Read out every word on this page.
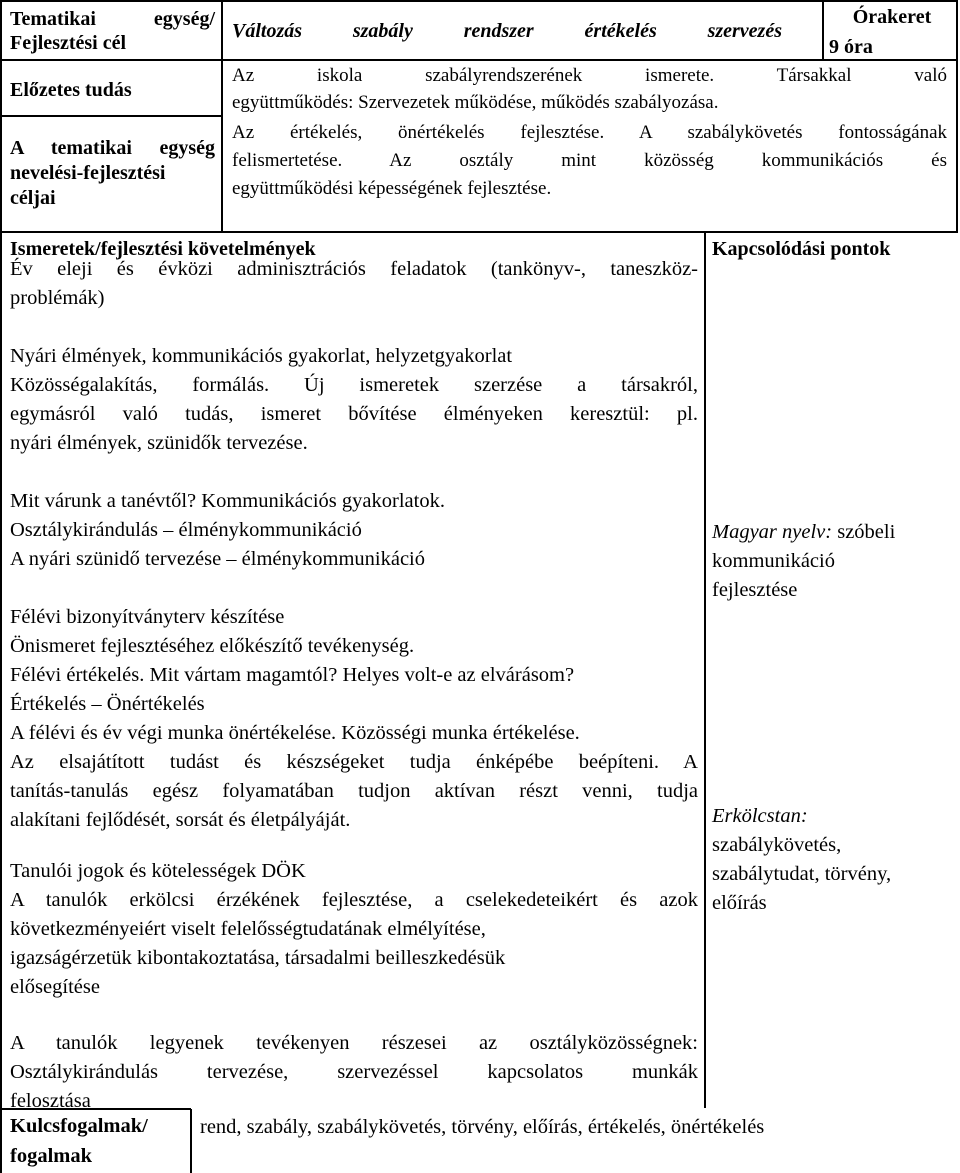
Tematikai egység/
Fejlesztési cél
Változás szabály rendszer értékelés szervezés
Órakeret
9 óra
Előzetes tudás
Az iskola szabályrendszerének ismerete. Társakkal való
együttműködés: Szervezetek működése, működés szabályozása.
A tematikai egység
nevelési-fejlesztési
céljai
Az értékelés, önértékelés fejlesztése. A szabálykövetés fontosságának
felismertetése. Az osztály mint közösség kommunikációs és
együttműködési képességének fejlesztése.
Ismeretek/fejlesztési követelmények	Kapcsolódási pontok
Év eleji és évközi adminisztrációs feladatok (tankönyv-, taneszköz-
problémák)
Nyári élmények, kommunikációs gyakorlat, helyzetgyakorlat
Közösségalakítás, formálás. Új ismeretek szerzése a társakról,
egymásról való tudás, ismeret bővítése élményeken keresztül: pl.
nyári élmények, szünidők tervezése.
Mit várunk a tanévtől? Kommunikációs gyakorlatok.
Osztálykirándulás – élménykommunikáció
A nyári szünidő tervezése – élménykommunikáció
Félévi bizonyítványterv készítése
Önismeret fejlesztéséhez előkészítő tevékenység.
Félévi értékelés. Mit vártam magamtól? Helyes volt-e az elvárásom?
Értékelés – Önértékelés
A félévi és év végi munka önértékelése. Közösségi munka értékelése.
Az elsajátított tudást és készségeket tudja énképébe beépíteni. A
tanítás-tanulás egész folyamatában tudjon aktívan részt venni, tudja
alakítani fejlődését, sorsát és életpályáját.
Tanulói jogok és kötelességek DÖK
A tanulók erkölcsi érzékének fejlesztése, a cselekedeteikért és azok
következményeiért viselt felelősségtudatának elmélyítése,
igazságérzetük kibontakoztatása, társadalmi beilleszkedésük
elősegítése
A tanulók legyenek tevékenyen részesei az osztályközösségnek:
Osztálykirándulás tervezése, szervezéssel kapcsolatos munkák
felosztása
Magyar nyelv: szóbeli
kommunikáció
fejlesztése
Erkölcstan:
szabálykövetés,
szabálytudat, törvény,
előírás
Kulcsfogalmak/
fogalmak
rend, szabály, szabálykövetés, törvény, előírás, értékelés, önértékelés
